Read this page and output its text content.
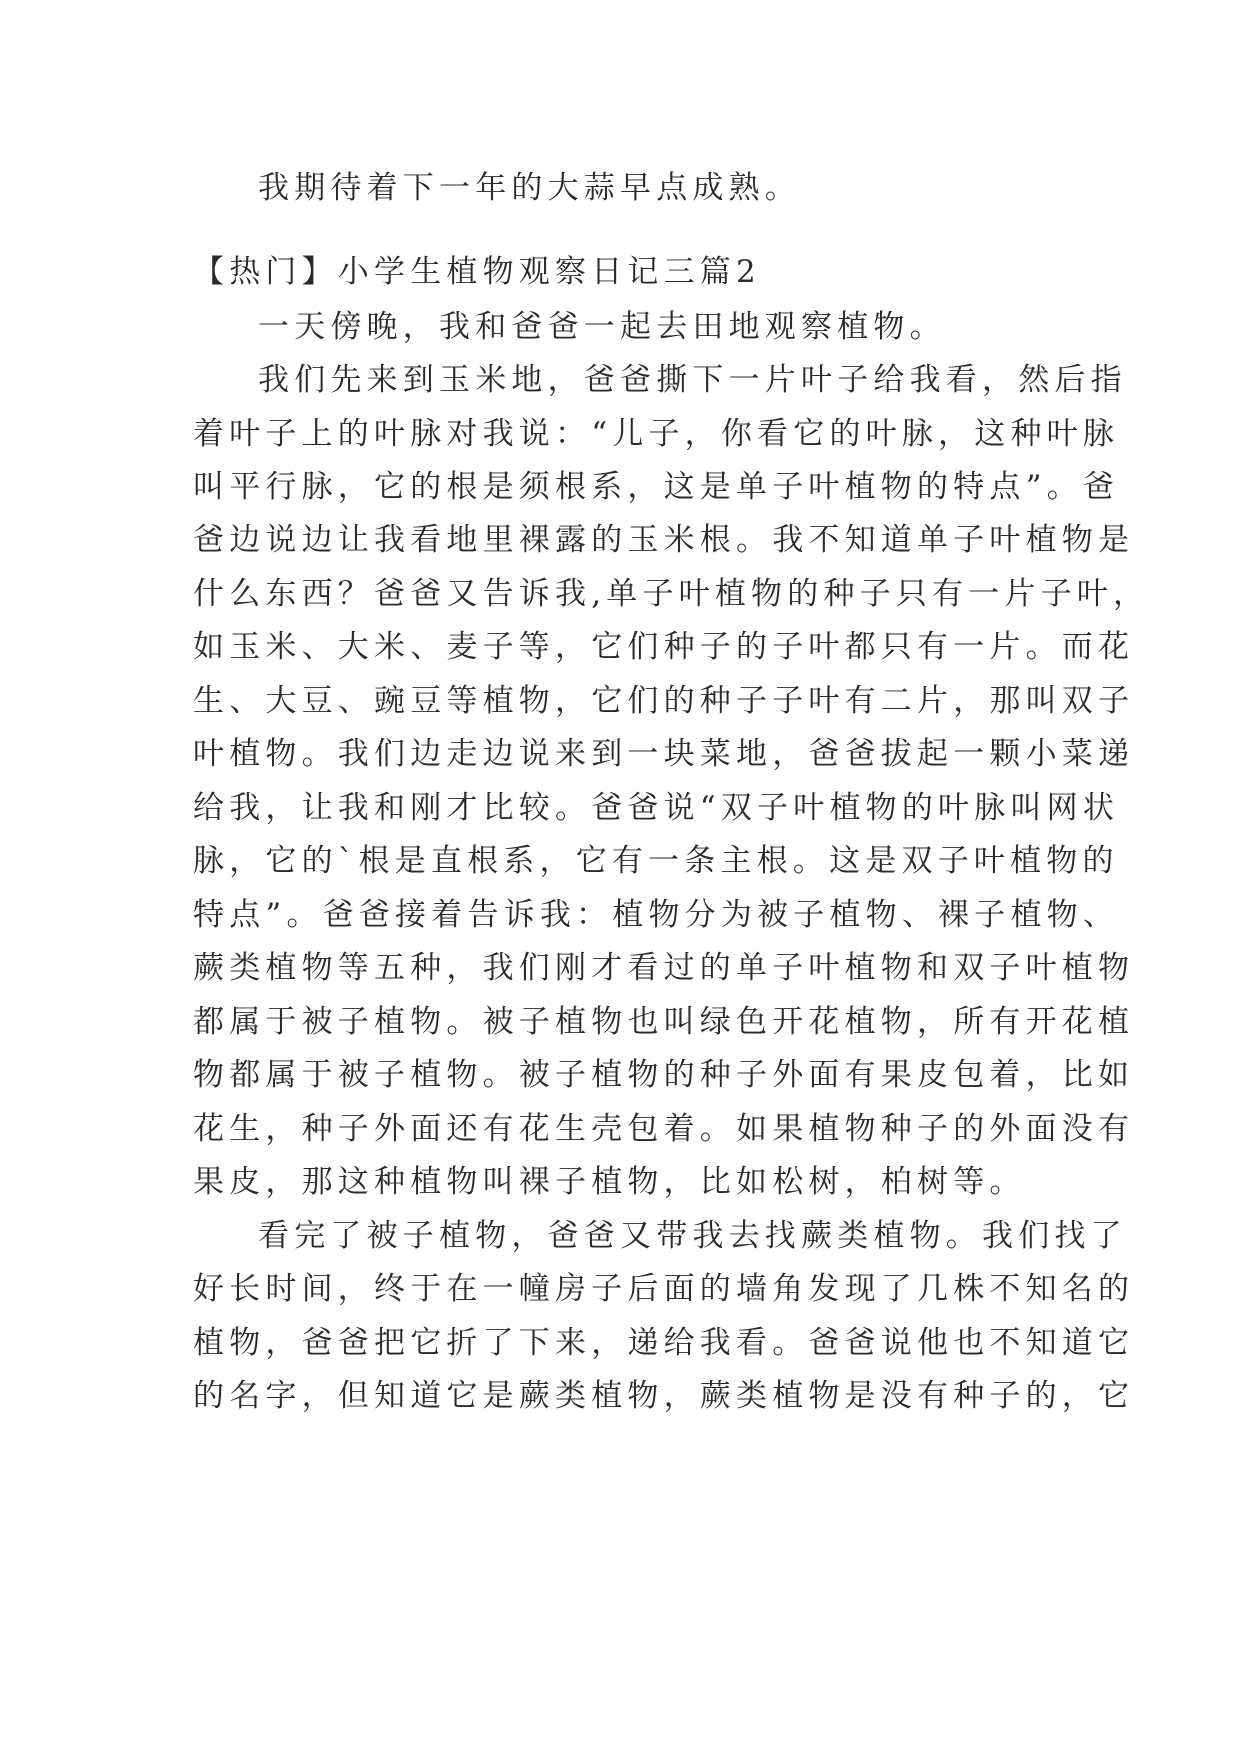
我期待着下一年的大蒜早点成熟。
【热门】小学生植物观察日记三篇2
一天傍晚，我和爸爸一起去田地观察植物。
我们先来到玉米地，爸爸撕下一片叶子给我看，然后指
着叶子上的叶脉对我说：“儿子，你看它的叶脉，这种叶脉
叫平行脉，它的根是须根系，这是单子叶植物的特点”。爸
爸边说边让我看地里裸露的玉米根。我不知道单子叶植物是
什么东西？爸爸又告诉我,单子叶植物的种子只有一片子叶，
如玉米、大米、麦子等，它们种子的子叶都只有一片。而花
生、大豆、豌豆等植物，它们的种子子叶有二片，那叫双子
叶植物。我们边走边说来到一块菜地，爸爸拔起一颗小菜递
给我，让我和刚才比较。爸爸说“双子叶植物的叶脉叫网状
脉，它的`根是直根系，它有一条主根。这是双子叶植物的
特点”。爸爸接着告诉我：植物分为被子植物、裸子植物、
蕨类植物等五种，我们刚才看过的单子叶植物和双子叶植物
都属于被子植物。被子植物也叫绿色开花植物，所有开花植
物都属于被子植物。被子植物的种子外面有果皮包着，比如
花生，种子外面还有花生壳包着。如果植物种子的外面没有
果皮，那这种植物叫裸子植物，比如松树，柏树等。
看完了被子植物，爸爸又带我去找蕨类植物。我们找了
好长时间，终于在一幢房子后面的墙角发现了几株不知名的
植物，爸爸把它折了下来，递给我看。爸爸说他也不知道它
的名字，但知道它是蕨类植物，蕨类植物是没有种子的，它
